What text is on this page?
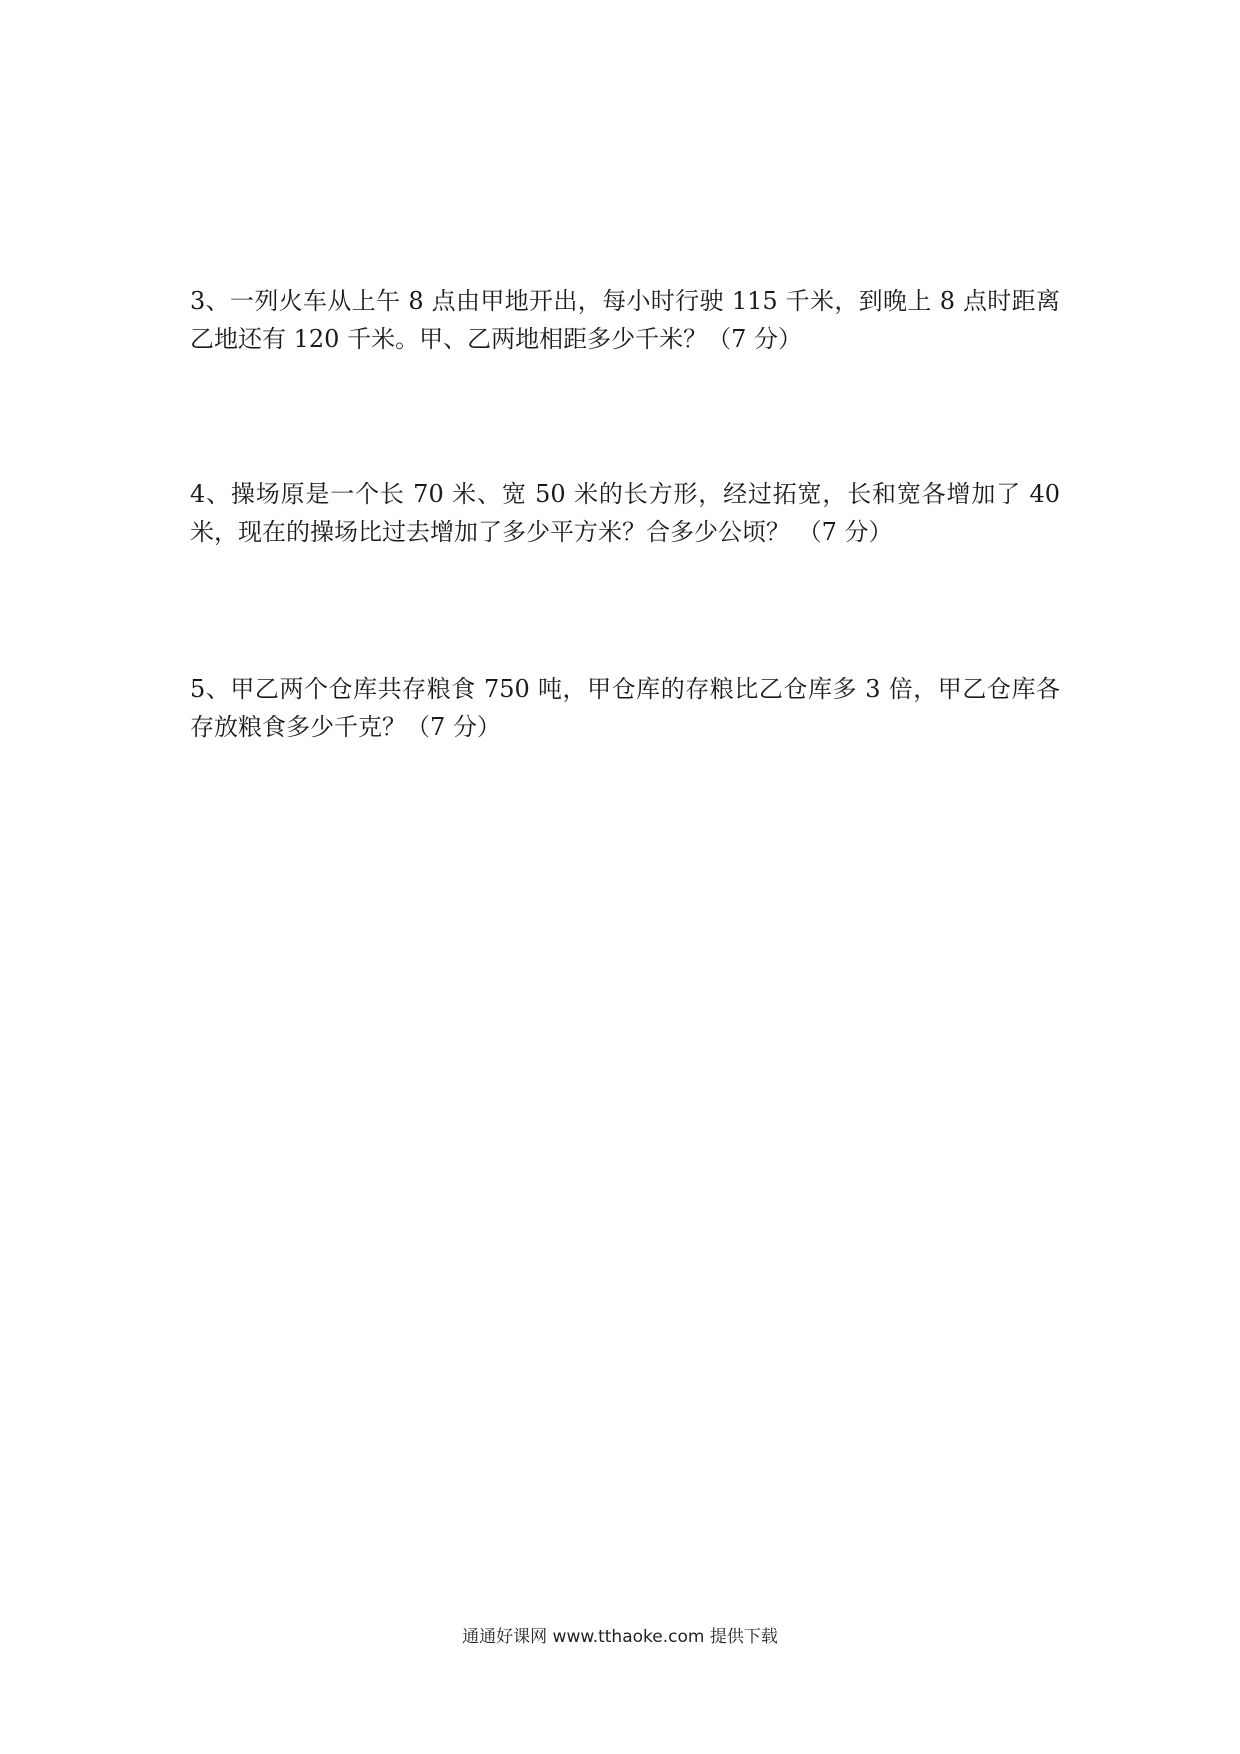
3、一列火车从上午 8 点由甲地开出，每小时行驶 115 千米，到晚上 8 点时距离乙地还有 120 千米。甲、乙两地相距多少千米？（7 分）

4、操场原是一个长 70 米、宽 50 米的长方形，经过拓宽，长和宽各增加了 40 米，现在的操场比过去增加了多少平方米？合多少公顷？ （7 分）

5、甲乙两个仓库共存粮食 750 吨，甲仓库的存粮比乙仓库多 3 倍，甲乙仓库各存放粮食多少千克？（7 分）

通通好课网 www.tthaoke.com 提供下载
